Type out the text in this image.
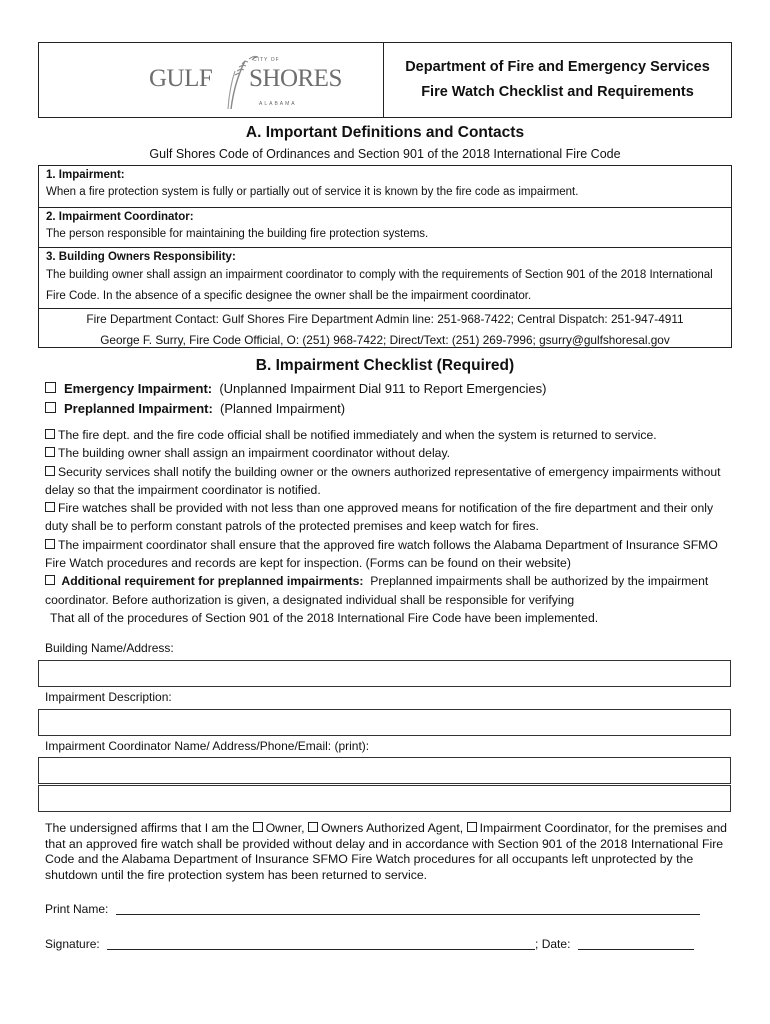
CITY OF
GULF SHORES
ALABAMA
Department of Fire and Emergency Services
Fire Watch Checklist and Requirements
A. Important Definitions and Contacts
Gulf Shores Code of Ordinances and Section 901 of the 2018 International Fire Code
1. Impairment:
When a fire protection system is fully or partially out of service it is known by the fire code as impairment.
2. Impairment Coordinator:
The person responsible for maintaining the building fire protection systems.
3. Building Owners Responsibility:
The building owner shall assign an impairment coordinator to comply with the requirements of Section 901 of the 2018 International Fire Code. In the absence of a specific designee the owner shall be the impairment coordinator.
Fire Department Contact: Gulf Shores Fire Department Admin line: 251-968-7422; Central Dispatch: 251-947-4911
George F. Surry, Fire Code Official, O: (251) 968-7422; Direct/Text: (251) 269-7996; gsurry@gulfshoresal.gov
B. Impairment Checklist (Required)
Emergency Impairment: (Unplanned Impairment Dial 911 to Report Emergencies)
Preplanned Impairment: (Planned Impairment)

The fire dept. and the fire code official shall be notified immediately and when the system is returned to service.

The building owner shall assign an impairment coordinator without delay.

Security services shall notify the building owner or the owners authorized representative of emergency impairments without delay so that the impairment coordinator is notified.

Fire watches shall be provided with not less than one approved means for notification of the fire department and their only duty shall be to perform constant patrols of the protected premises and keep watch for fires.

The impairment coordinator shall ensure that the approved fire watch follows the Alabama Department of Insurance SFMO Fire Watch procedures and records are kept for inspection. (Forms can be found on their website)

Additional requirement for preplanned impairments: Preplanned impairments shall be authorized by the impairment coordinator. Before authorization is given, a designated individual shall be responsible for verifying

That all of the procedures of Section 901 of the 2018 International Fire Code have been implemented.

Building Name/Address:
Impairment Description:
Impairment Coordinator Name/ Address/Phone/Email: (print):

The undersigned affirms that I am the Owner, Owners Authorized Agent, Impairment Coordinator, for the premises and that an approved fire watch shall be provided without delay and in accordance with Section 901 of the 2018 International Fire Code and the Alabama Department of Insurance SFMO Fire Watch procedures for all occupants left unprotected by the shutdown until the fire protection system has been returned to service.

Print Name:
Signature:	; Date:
